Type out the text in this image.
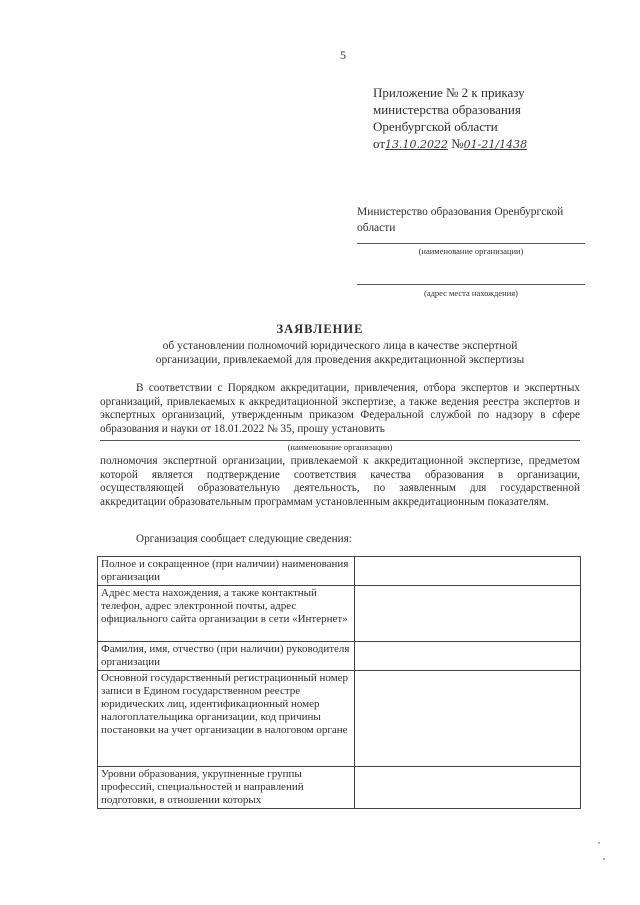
5
Приложение № 2 к приказу
министерства образования
Оренбургской области
от13.10.2022 №01-21/1438
Министерство образования Оренбургской области
(наименование организации)
(адрес места нахождения)
ЗАЯВЛЕНИЕ
об установлении полномочий юридического лица в качестве экспертной организации, привлекаемой для проведения аккредитационной экспертизы
В соответствии с Порядком аккредитации, привлечения, отбора экспертов и экспертных организаций, привлекаемых к аккредитационной экспертизе, а также ведения реестра экспертов и экспертных организаций, утвержденным приказом Федеральной службой по надзору в сфере образования и науки от 18.01.2022 № 35, прошу установить
(наименование организации)
полномочия экспертной организации, привлекаемой к аккредитационной экспертизе, предметом которой является подтверждение соответствия качества образования в организации, осуществляющей образовательную деятельность, по заявленным для государственной аккредитации образовательным программам установленным аккредитационным показателям.
Организация сообщает следующие сведения:
Полное и сокращенное (при наличии) наименования организации	
Адрес места нахождения, а также контактный телефон, адрес электронной почты, адрес официального сайта организации в сети «Интернет»	
Фамилия, имя, отчество (при наличии) руководителя организации	
Основной государственный регистрационный номер записи в Едином государственном реестре юридических лиц, идентификационный номер налогоплательщика организации, код причины постановки на учет организации в налоговом органе	
Уровни образования, укрупненные группы профессий, специальностей и направлений подготовки, в отношении которых	
